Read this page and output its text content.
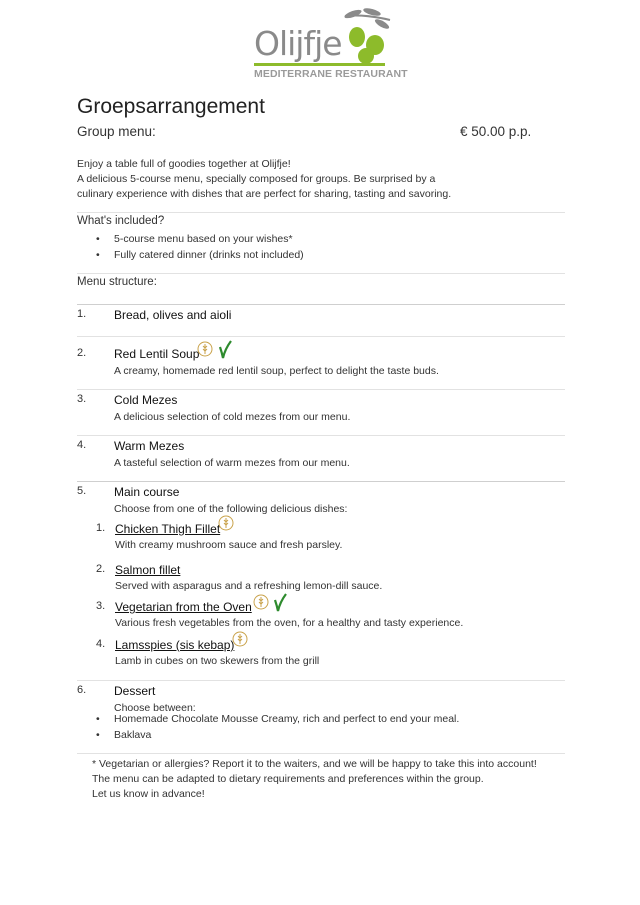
Olijfje
MEDITERRANE RESTAURANT
Groepsarrangement
Group menu:	€ 50.00 p.p.
Enjoy a table full of goodies together at Olijfje!
A delicious 5-course menu, specially composed for groups. Be surprised by a
culinary experience with dishes that are perfect for sharing, tasting and savoring.
What's included?
• 5-course menu based on your wishes*
• Fully catered dinner (drinks not included)
Menu structure:
1. Bread, olives and aioli
2. Red Lentil Soup
A creamy, homemade red lentil soup, perfect to delight the taste buds.
3. Cold Mezes
A delicious selection of cold mezes from our menu.
4. Warm Mezes
A tasteful selection of warm mezes from our menu.
5. Main course
Choose from one of the following delicious dishes:
1. Chicken Thigh Fillet
With creamy mushroom sauce and fresh parsley.
2. Salmon fillet
Served with asparagus and a refreshing lemon-dill sauce.
3. Vegetarian from the Oven
Various fresh vegetables from the oven, for a healthy and tasty experience.
4. Lamsspies (sis kebap)
Lamb in cubes on two skewers from the grill
6. Dessert
Choose between:
• Homemade Chocolate Mousse Creamy, rich and perfect to end your meal.
• Baklava
* Vegetarian or allergies? Report it to the waiters, and we will be happy to take this into account!
The menu can be adapted to dietary requirements and preferences within the group.
Let us know in advance!
